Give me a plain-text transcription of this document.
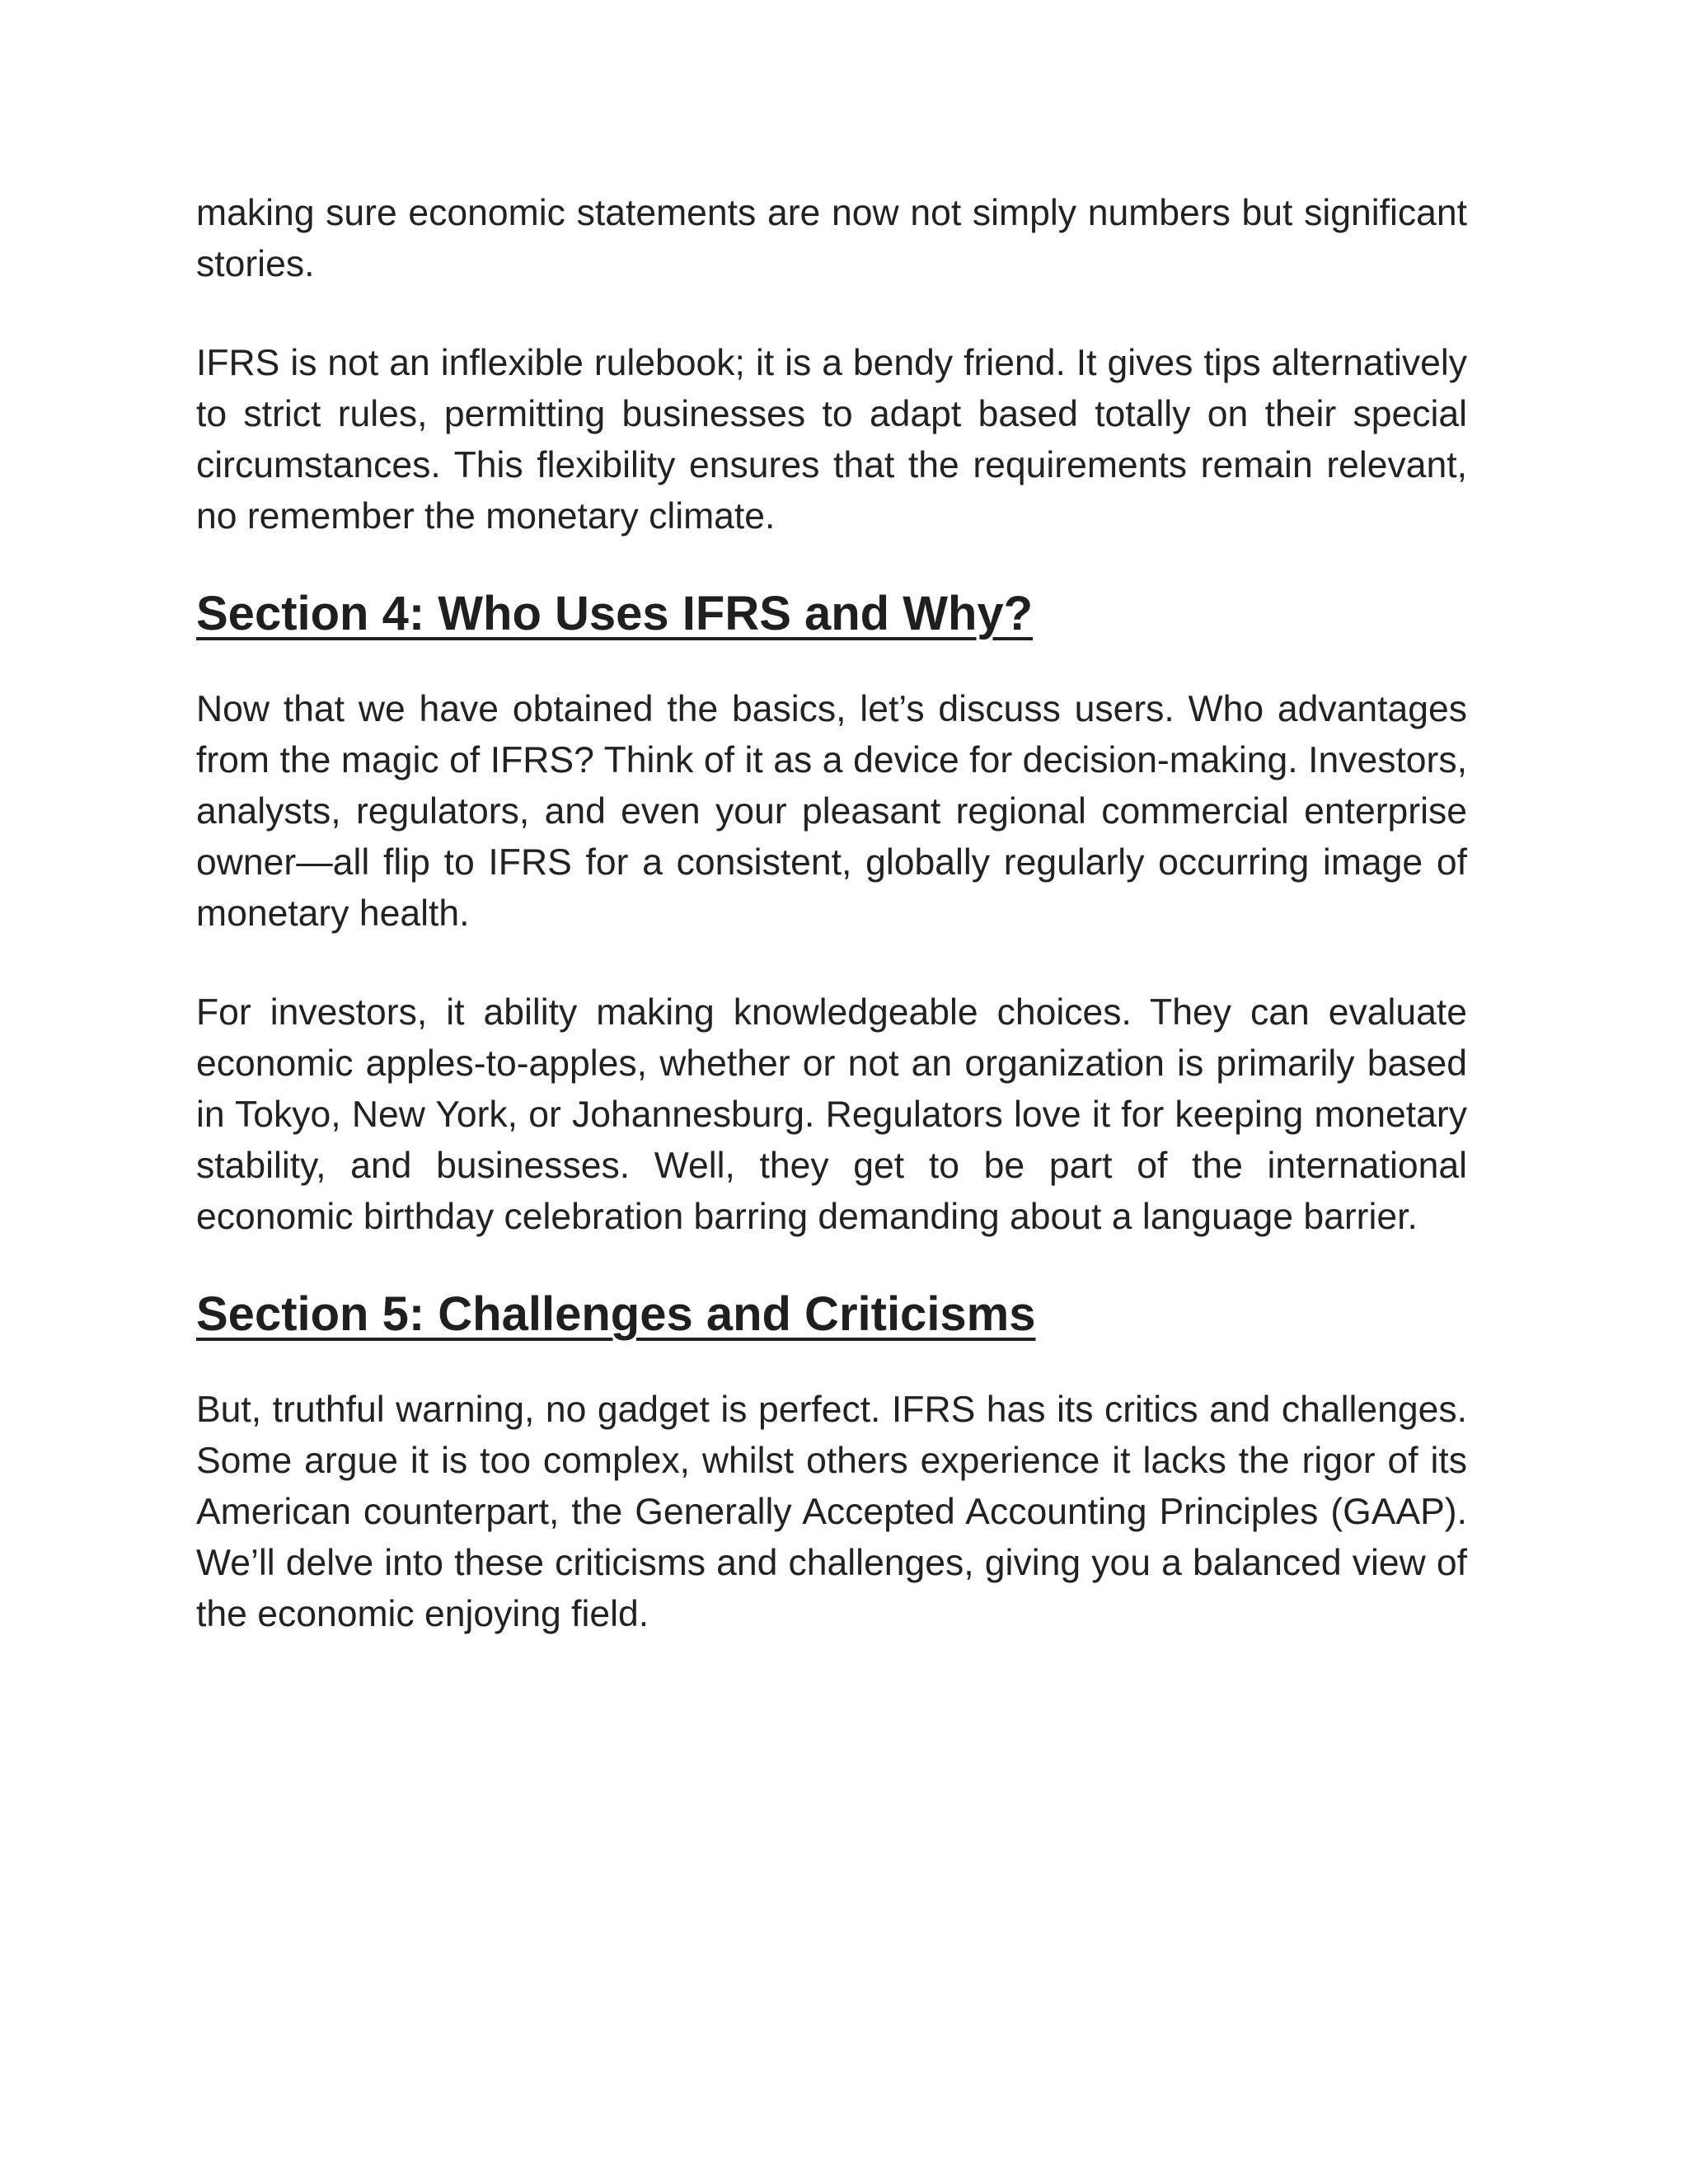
making sure economic statements are now not simply numbers but significant stories.

IFRS is not an inflexible rulebook; it is a bendy friend. It gives tips alternatively to strict rules, permitting businesses to adapt based totally on their special circumstances. This flexibility ensures that the requirements remain relevant, no remember the monetary climate.

Section 4: Who Uses IFRS and Why?

Now that we have obtained the basics, let’s discuss users. Who advantages from the magic of IFRS? Think of it as a device for decision-making. Investors, analysts, regulators, and even your pleasant regional commercial enterprise owner—all flip to IFRS for a consistent, globally regularly occurring image of monetary health.

For investors, it ability making knowledgeable choices. They can evaluate economic apples-to-apples, whether or not an organization is primarily based in Tokyo, New York, or Johannesburg. Regulators love it for keeping monetary stability, and businesses. Well, they get to be part of the international economic birthday celebration barring demanding about a language barrier.

Section 5: Challenges and Criticisms

But, truthful warning, no gadget is perfect. IFRS has its critics and challenges. Some argue it is too complex, whilst others experience it lacks the rigor of its American counterpart, the Generally Accepted Accounting Principles (GAAP). We’ll delve into these criticisms and challenges, giving you a balanced view of the economic enjoying field.
